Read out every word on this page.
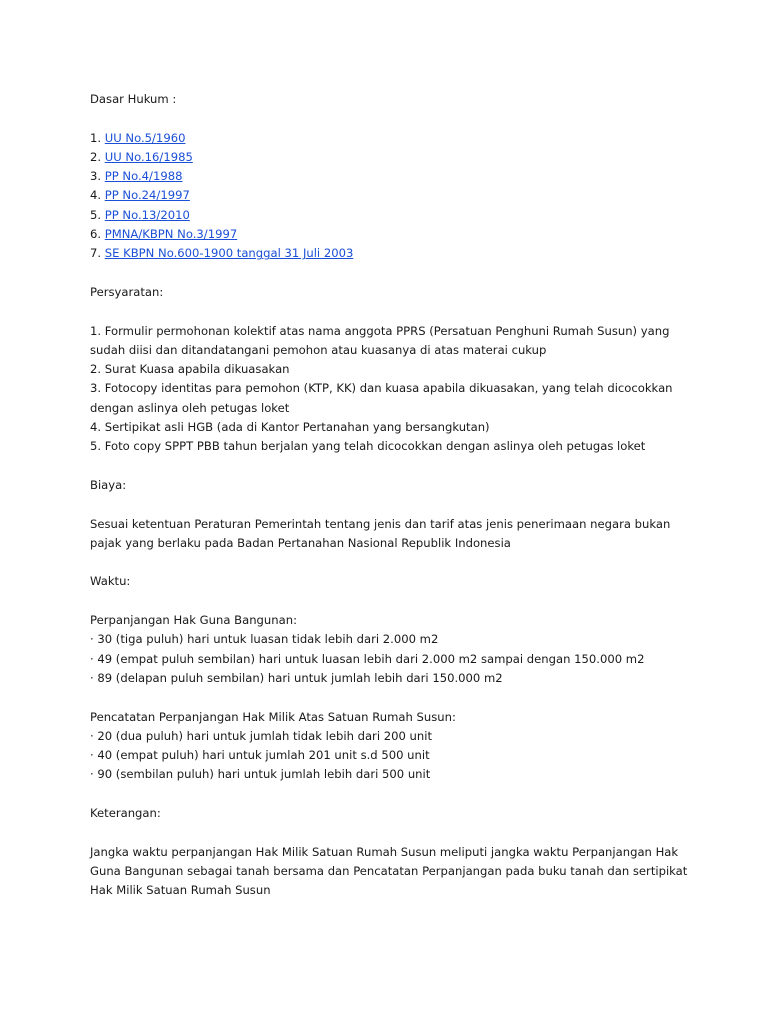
Dasar Hukum :
1. UU No.5/1960
2. UU No.16/1985
3. PP No.4/1988
4. PP No.24/1997
5. PP No.13/2010
6. PMNA/KBPN No.3/1997
7. SE KBPN No.600-1900 tanggal 31 Juli 2003
Persyaratan:
1. Formulir permohonan kolektif atas nama anggota PPRS (Persatuan Penghuni Rumah Susun) yang
sudah diisi dan ditandatangani pemohon atau kuasanya di atas materai cukup
2. Surat Kuasa apabila dikuasakan
3. Fotocopy identitas para pemohon (KTP, KK) dan kuasa apabila dikuasakan, yang telah dicocokkan
dengan aslinya oleh petugas loket
4. Sertipikat asli HGB (ada di Kantor Pertanahan yang bersangkutan)
5. Foto copy SPPT PBB tahun berjalan yang telah dicocokkan dengan aslinya oleh petugas loket
Biaya:
Sesuai ketentuan Peraturan Pemerintah tentang jenis dan tarif atas jenis penerimaan negara bukan
pajak yang berlaku pada Badan Pertanahan Nasional Republik Indonesia
Waktu:
Perpanjangan Hak Guna Bangunan:
· 30 (tiga puluh) hari untuk luasan tidak lebih dari 2.000 m2
· 49 (empat puluh sembilan) hari untuk luasan lebih dari 2.000 m2 sampai dengan 150.000 m2
· 89 (delapan puluh sembilan) hari untuk jumlah lebih dari 150.000 m2
Pencatatan Perpanjangan Hak Milik Atas Satuan Rumah Susun:
· 20 (dua puluh) hari untuk jumlah tidak lebih dari 200 unit
· 40 (empat puluh) hari untuk jumlah 201 unit s.d 500 unit
· 90 (sembilan puluh) hari untuk jumlah lebih dari 500 unit
Keterangan:
Jangka waktu perpanjangan Hak Milik Satuan Rumah Susun meliputi jangka waktu Perpanjangan Hak
Guna Bangunan sebagai tanah bersama dan Pencatatan Perpanjangan pada buku tanah dan sertipikat
Hak Milik Satuan Rumah Susun
